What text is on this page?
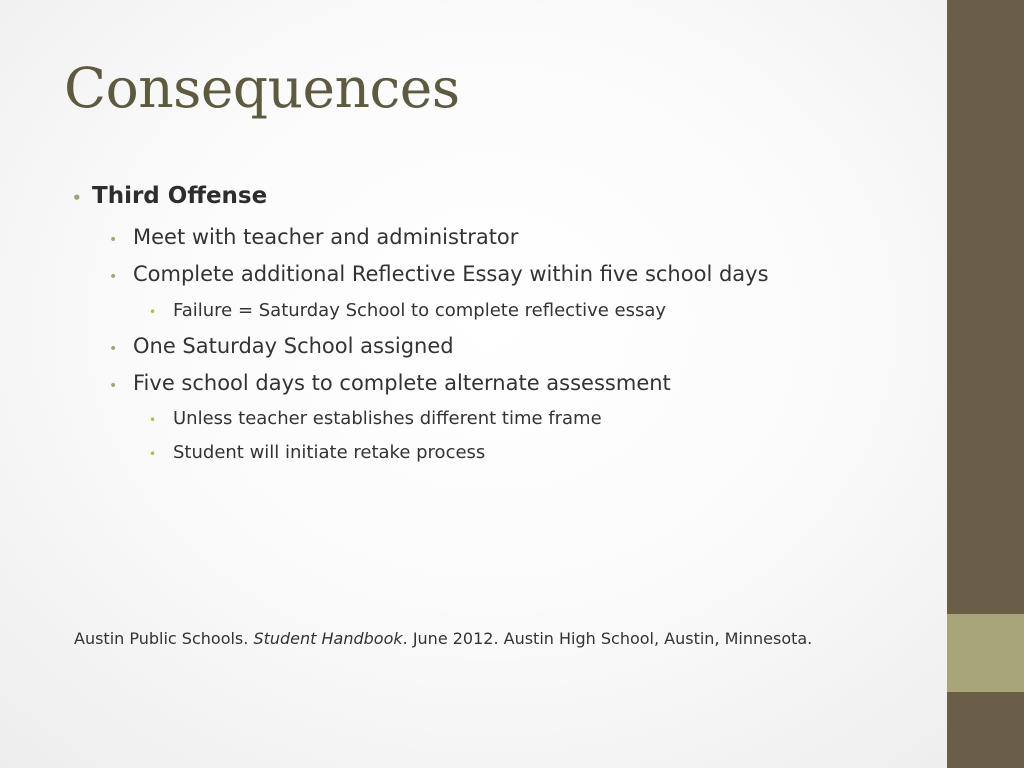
Consequences
• Third Offense
• Meet with teacher and administrator
• Complete additional Reflective Essay within five school days
• Failure = Saturday School to complete reflective essay
• One Saturday School assigned
• Five school days to complete alternate assessment
• Unless teacher establishes different time frame
• Student will initiate retake process
Austin Public Schools. Student Handbook. June 2012. Austin High School, Austin, Minnesota.
